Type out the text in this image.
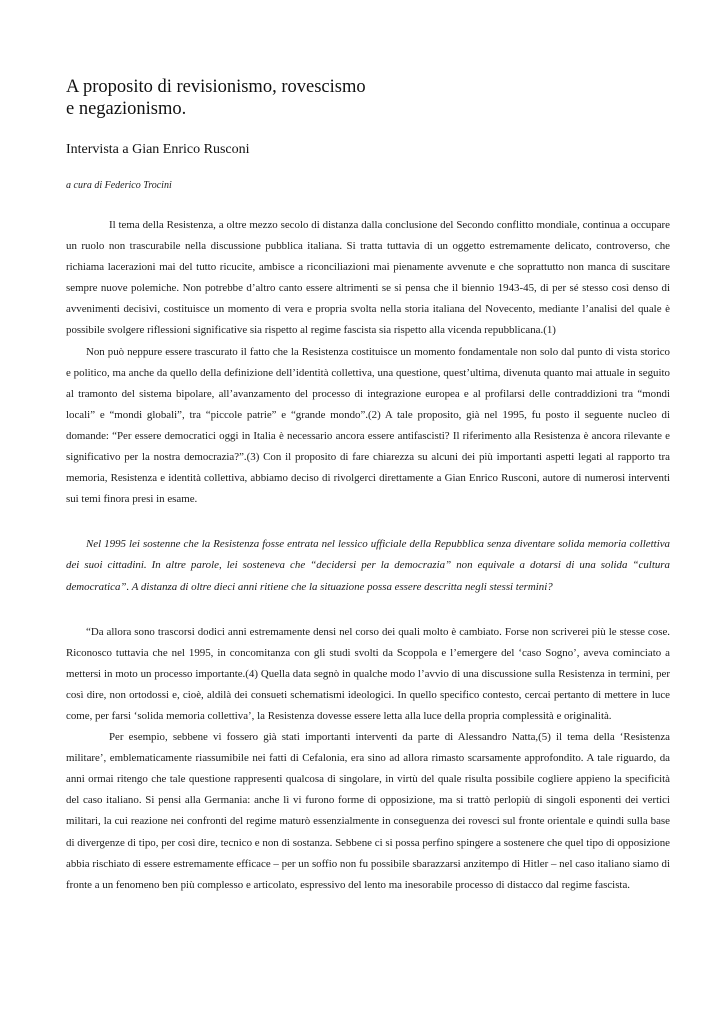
A proposito di revisionismo, rovescismo
e negazionismo.
Intervista a Gian Enrico Rusconi
a cura di Federico Trocini

Il tema della Resistenza, a oltre mezzo secolo di distanza dalla conclusione del Secondo conflitto mondiale, continua a occupare un ruolo non trascurabile nella discussione pubblica italiana. Si tratta tuttavia di un oggetto estremamente delicato, controverso, che richiama lacerazioni mai del tutto ricucite, ambisce a riconciliazioni mai pienamente avvenute e che soprattutto non manca di suscitare sempre nuove polemiche. Non potrebbe d’altro canto essere altrimenti se si pensa che il biennio 1943-45, di per sé stesso così denso di avvenimenti decisivi, costituisce un momento di vera e propria svolta nella storia italiana del Novecento, mediante l’analisi del quale è possibile svolgere riflessioni significative sia rispetto al regime fascista sia rispetto alla vicenda repubblicana.(1)

Non può neppure essere trascurato il fatto che la Resistenza costituisce un momento fondamentale non solo dal punto di vista storico e politico, ma anche da quello della definizione dell’identità collettiva, una questione, quest’ultima, divenuta quanto mai attuale in seguito al tramonto del sistema bipolare, all’avanzamento del processo di integrazione europea e al profilarsi delle contraddizioni tra “mondi locali” e “mondi globali”, tra “piccole patrie” e “grande mondo”.(2) A tale proposito, già nel 1995, fu posto il seguente nucleo di domande: “Per essere democratici oggi in Italia è necessario ancora essere antifascisti? Il riferimento alla Resistenza è ancora rilevante e significativo per la nostra democrazia?”.(3) Con il proposito di fare chiarezza su alcuni dei più importanti aspetti legati al rapporto tra memoria, Resistenza e identità collettiva, abbiamo deciso di rivolgerci direttamente a Gian Enrico Rusconi, autore di numerosi interventi sui temi finora presi in esame.

Nel 1995 lei sostenne che la Resistenza fosse entrata nel lessico ufficiale della Repubblica senza diventare solida memoria collettiva dei suoi cittadini. In altre parole, lei sosteneva che “decidersi per la democrazia” non equivale a dotarsi di una solida “cultura democratica”. A distanza di oltre dieci anni ritiene che la situazione possa essere descritta negli stessi termini?

“Da allora sono trascorsi dodici anni estremamente densi nel corso dei quali molto è cambiato. Forse non scriverei più le stesse cose. Riconosco tuttavia che nel 1995, in concomitanza con gli studi svolti da Scoppola e l’emergere del ‘caso Sogno’, aveva cominciato a mettersi in moto un processo importante.(4) Quella data segnò in qualche modo l’avvio di una discussione sulla Resistenza in termini, per così dire, non ortodossi e, cioè, aldilà dei consueti schematismi ideologici. In quello specifico contesto, cercai pertanto di mettere in luce come, per farsi ‘solida memoria collettiva’, la Resistenza dovesse essere letta alla luce della propria complessità e originalità.

Per esempio, sebbene vi fossero già stati importanti interventi da parte di Alessandro Natta,(5) il tema della ‘Resistenza militare’, emblematicamente riassumibile nei fatti di Cefalonia, era sino ad allora rimasto scarsamente approfondito. A tale riguardo, da anni ormai ritengo che tale questione rappresenti qualcosa di singolare, in virtù del quale risulta possibile cogliere appieno la specificità del caso italiano. Si pensi alla Germania: anche lì vi furono forme di opposizione, ma si trattò perlopiù di singoli esponenti dei vertici militari, la cui reazione nei confronti del regime maturò essenzialmente in conseguenza dei rovesci sul fronte orientale e quindi sulla base di divergenze di tipo, per così dire, tecnico e non di sostanza. Sebbene ci si possa perfino spingere a sostenere che quel tipo di opposizione abbia rischiato di essere estremamente efficace – per un soffio non fu possibile sbarazzarsi anzitempo di Hitler – nel caso italiano siamo di fronte a un fenomeno ben più complesso e articolato, espressivo del lento ma inesorabile processo di distacco dal regime fascista.
